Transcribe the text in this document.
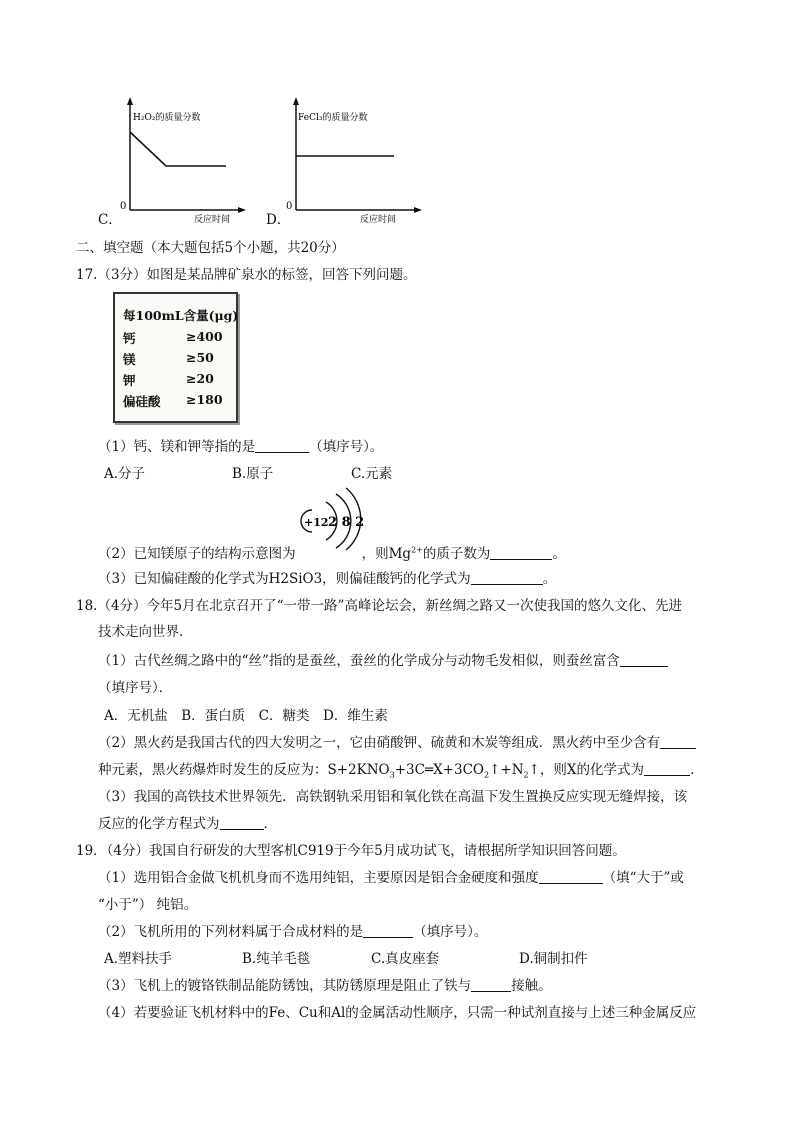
H₂O₂的质量分数
0
反应时间
C．
FeCl₃的质量分数
0
反应时间
D．
二、填空题（本大题包括5个小题，共20分）
17.（3分）如图是某品牌矿泉水的标签，回答下列问题。
每100mL含量(μg)
钙	≥400
镁	≥50
钾	≥20
偏硅酸 ≥180
（1）钙、镁和钾等指的是	（填序号）。
A.分子	B.原子	C.元素
+12 2 8 2
（2）已知镁原子的结构示意图为	，则$Mg^{2+}$的质子数为	。
（3）已知偏硅酸的化学式为H2SiO3，则偏硅酸钙的化学式为	。
18.（4分）今年5月在北京召开了“一带一路”高峰论坛会，新丝绸之路又一次使我国的悠久文化、先进
技术走向世界．
（1）古代丝绸之路中的“丝”指的是蚕丝，蚕丝的化学成分与动物毛发相似，则蚕丝富含
（填序号）．
A．无机盐　B．蛋白质　C．糖类　D．维生素
（2）黑火药是我国古代的四大发明之一，它由硝酸钾、硫黄和木炭等组成．黑火药中至少含有
种元素，黑火药爆炸时发生的反应为：$S+2KNO_3+3C═X+3CO_2↑+N_2↑$，则X的化学式为	.
（3）我国的高铁技术世界领先．高铁钢轨采用铝和氧化铁在高温下发生置换反应实现无缝焊接，该
反应的化学方程式为	．
19．（4分）我国自行研发的大型客机C919于今年5月成功试飞，请根据所学知识回答问题。
（1）选用铝合金做飞机机身而不选用纯铝，主要原因是铝合金硬度和强度	（填“大于”或
“小于”） 纯铝。
（2）飞机所用的下列材料属于合成材料的是	（填序号）。
A.塑料扶手	B.纯羊毛毯	C.真皮座套	D.铜制扣件
（3）飞机上的镀铬铁制品能防锈蚀，其防锈原理是阻止了铁与	接触。
（4）若要验证飞机材料中的Fe、Cu和Al的金属活动性顺序，只需一种试剂直接与上述三种金属反应
